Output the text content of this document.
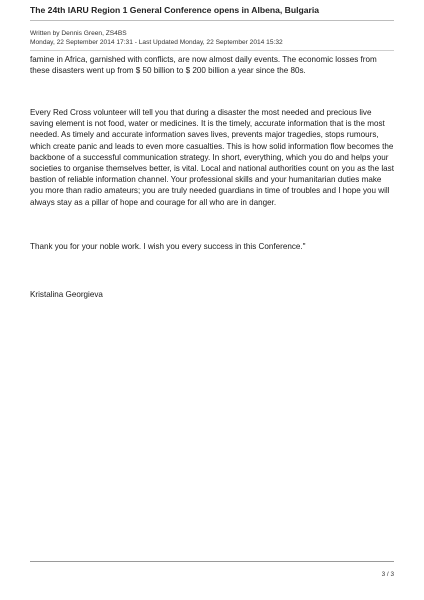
The 24th IARU Region 1 General Conference opens in Albena, Bulgaria
Written by Dennis Green, ZS4BS
Monday, 22 September 2014 17:31 - Last Updated Monday, 22 September 2014 15:32

famine in Africa, garnished with conflicts, are now almost daily events. The economic losses from these disasters went up from $ 50 billion to $ 200 billion a year since the 80s.

Every Red Cross volunteer will tell you that during a disaster the most needed and precious live saving element is not food, water or medicines. It is the timely, accurate information that is the most needed. As timely and accurate information saves lives, prevents major tragedies, stops rumours, which create panic and leads to even more casualties. This is how solid information flow becomes the backbone of a successful communication strategy. In short, everything, which you do and helps your societies to organise themselves better, is vital. Local and national authorities count on you as the last bastion of reliable information channel. Your professional skills and your humanitarian duties make you more than radio amateurs; you are truly needed guardians in time of troubles and I hope you will always stay as a pillar of hope and courage for all who are in danger.

Thank you for your noble work. I wish you every success in this Conference."

Kristalina Georgieva

3 / 3
